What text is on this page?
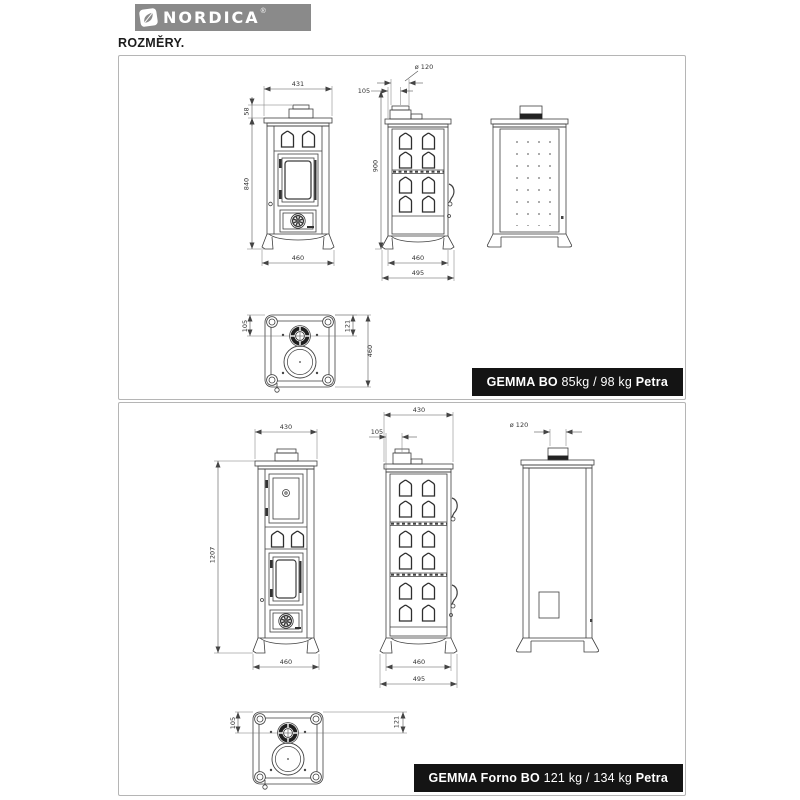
NORDICA ®
ROZMĚRY.
431
58
840
460
105
ø 120
900
460
495
105	121
460
GEMMA BO 85kg / 98 kg Petra
430
1207
460
430
105
460
495
ø 120
105	121
GEMMA Forno BO 121 kg / 134 kg Petra
